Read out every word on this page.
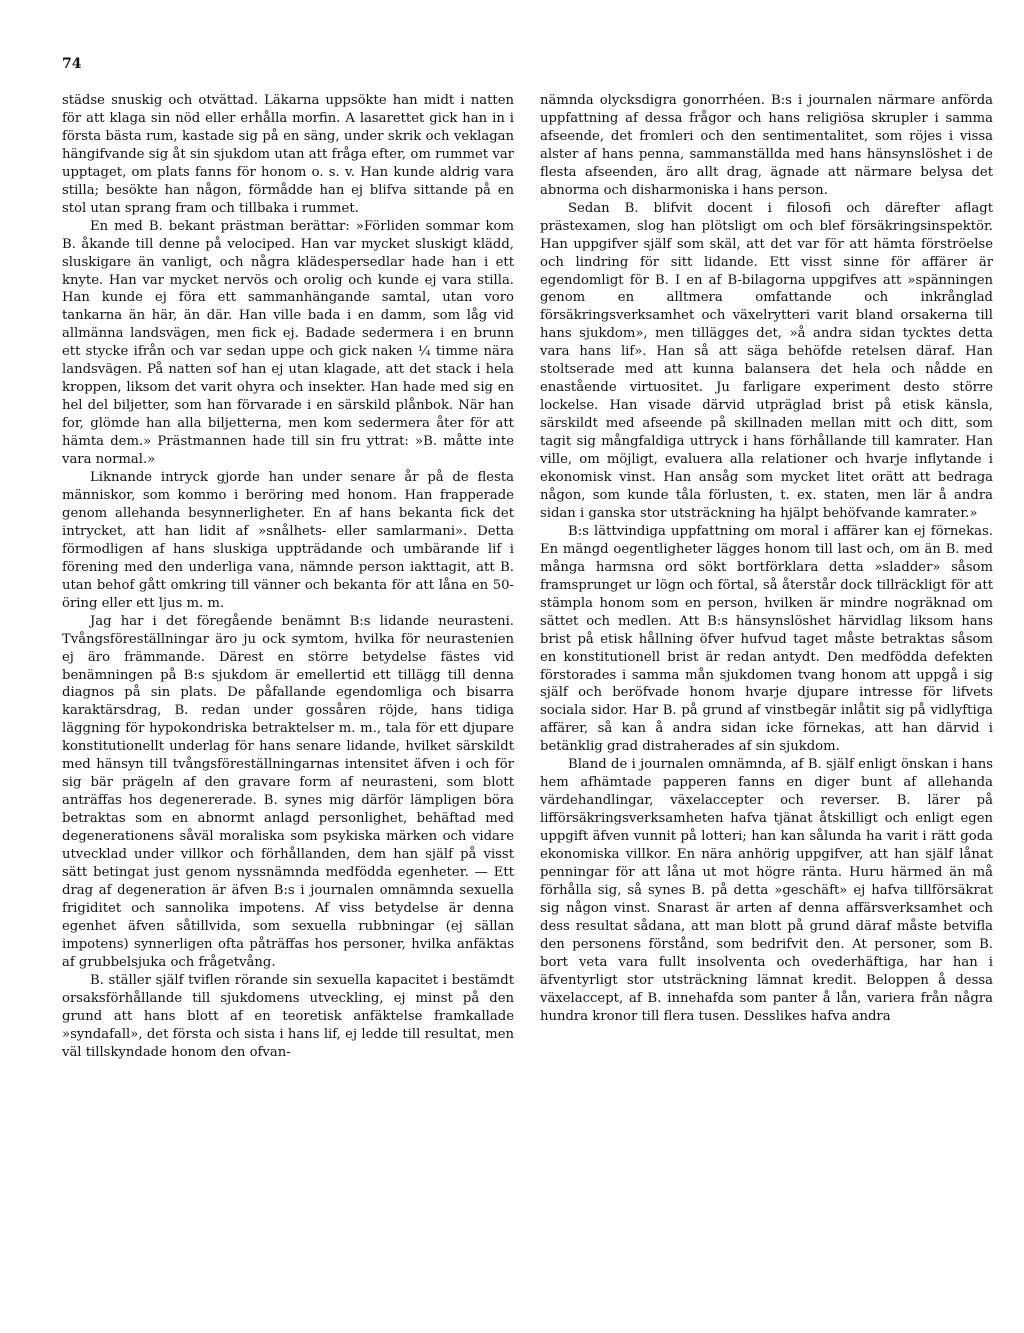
74

städse snuskig och otvättad. Läkarna uppsökte han midt i natten för att klaga sin nöd eller erhålla morfin. A lasarettet gick han in i första bästa rum, kastade sig på en säng, under skrik och veklagan hängifvande sig åt sin sjukdom utan att fråga efter, om rummet var upptaget, om plats fanns för honom o. s. v. Han kunde aldrig vara stilla; besökte han någon, förmådde han ej blifva sittande på en stol utan sprang fram och tillbaka i rummet.

En med B. bekant prästman berättar: »Förliden sommar kom B. åkande till denne på velociped. Han var mycket sluskigt klädd, sluskigare än vanligt, och några klädespersedlar hade han i ett knyte. Han var mycket nervös och orolig och kunde ej vara stilla. Han kunde ej föra ett sammanhängande samtal, utan voro tankarna än här, än där. Han ville bada i en damm, som låg vid allmänna landsvägen, men fick ej. Badade sedermera i en brunn ett stycke ifrån och var sedan uppe och gick naken ¼ timme nära landsvägen. På natten sof han ej utan klagade, att det stack i hela kroppen, liksom det varit ohyra och insekter. Han hade med sig en hel del biljetter, som han förvarade i en särskild plånbok. När han for, glömde han alla biljetterna, men kom sedermera åter för att hämta dem.» Prästmannen hade till sin fru yttrat: »B. måtte inte vara normal.»

Liknande intryck gjorde han under senare år på de flesta människor, som kommo i beröring med honom. Han frapperade genom allehanda besynnerligheter. En af hans bekanta fick det intrycket, att han lidit af »snålhets- eller samlarmani». Detta förmodligen af hans sluskiga uppträdande och umbärande lif i förening med den underliga vana, nämnde person iakttagit, att B. utan behof gått omkring till vänner och bekanta för att låna en 50-öring eller ett ljus m. m.

Jag har i det föregående benämnt B:s lidande neurasteni. Tvångsföreställningar äro ju ock symtom, hvilka för neurastenien ej äro främmande. Därest en större betydelse fästes vid benämningen på B:s sjukdom är emellertid ett tillägg till denna diagnos på sin plats. De påfallande egendomliga och bisarra karaktärsdrag, B. redan under gossåren röjde, hans tidiga läggning för hypokondriska betraktelser m. m., tala för ett djupare konstitutionellt underlag för hans senare lidande, hvilket särskildt med hänsyn till tvångsföreställningarnas intensitet äfven i och för sig bär prägeln af den gravare form af neurasteni, som blott anträffas hos degenererade. B. synes mig därför lämpligen böra betraktas som en abnormt anlagd personlighet, behäftad med degenerationens såväl moraliska som psykiska märken och vidare utvecklad under villkor och förhållanden, dem han själf på visst sätt betingat just genom nyssnämnda medfödda egenheter. — Ett drag af degeneration är äfven B:s i journalen omnämnda sexuella frigiditet och sannolika impotens. Af viss betydelse är denna egenhet äfven såtillvida, som sexuella rubbningar (ej sällan impotens) synnerligen ofta påträffas hos personer, hvilka anfäktas af grubbelsjuka och frågetvång.

B. ställer själf tviflen rörande sin sexuella kapacitet i bestämdt orsaksförhållande till sjukdomens utveckling, ej minst på den grund att hans blott af en teoretisk anfäktelse framkallade »syndafall», det första och sista i hans lif, ej ledde till resultat, men väl tillskyndade honom den ofvan-

nämnda olycksdigra gonorrhéen. B:s i journalen närmare anförda uppfattning af dessa frågor och hans religiösa skrupler i samma afseende, det fromleri och den sentimentalitet, som röjes i vissa alster af hans penna, sammanställda med hans hänsynslöshet i de flesta afseenden, äro allt drag, ägnade att närmare belysa det abnorma och disharmoniska i hans person.

Sedan B. blifvit docent i filosofi och därefter aflagt prästexamen, slog han plötsligt om och blef försäkringsinspektör. Han uppgifver själf som skäl, att det var för att hämta förströelse och lindring för sitt lidande. Ett visst sinne för affärer är egendomligt för B. I en af B-bilagorna uppgifves att »spänningen genom en alltmera omfattande och inkrånglad försäkringsverksamhet och växelrytteri varit bland orsakerna till hans sjukdom», men tillägges det, »å andra sidan tycktes detta vara hans lif». Han så att säga behöfde retelsen däraf. Han stoltserade med att kunna balansera det hela och nådde en enastående virtuositet. Ju farligare experiment desto större lockelse. Han visade därvid utpräglad brist på etisk känsla, särskildt med afseende på skillnaden mellan mitt och ditt, som tagit sig mångfaldiga uttryck i hans förhållande till kamrater. Han ville, om möjligt, evaluera alla relationer och hvarje inflytande i ekonomisk vinst. Han ansåg som mycket litet orätt att bedraga någon, som kunde tåla förlusten, t. ex. staten, men lär å andra sidan i ganska stor utsträckning ha hjälpt behöfvande kamrater.»

B:s lättvindiga uppfattning om moral i affärer kan ej förnekas. En mängd oegentligheter lägges honom till last och, om än B. med många harmsna ord sökt bortförklara detta »sladder» såsom framsprunget ur lögn och förtal, så återstår dock tillräckligt för att stämpla honom som en person, hvilken är mindre nogräknad om sättet och medlen. Att B:s hänsynslöshet härvidlag liksom hans brist på etisk hållning öfver hufvud taget måste betraktas såsom en konstitutionell brist är redan antydt. Den medfödda defekten förstorades i samma mån sjukdomen tvang honom att uppgå i sig själf och beröfvade honom hvarje djupare intresse för lifvets sociala sidor. Har B. på grund af vinstbegär inlåtit sig på vidlyftiga affärer, så kan å andra sidan icke förnekas, att han därvid i betänklig grad distraherades af sin sjukdom.

Bland de i journalen omnämnda, af B. själf enligt önskan i hans hem afhämtade papperen fanns en diger bunt af allehanda värdehandlingar, växelaccepter och reverser. B. lärer på lifförsäkringsverksamheten hafva tjänat åtskilligt och enligt egen uppgift äfven vunnit på lotteri; han kan sålunda ha varit i rätt goda ekonomiska villkor. En nära anhörig uppgifver, att han själf lånat penningar för att låna ut mot högre ränta. Huru härmed än må förhålla sig, så synes B. på detta »geschäft» ej hafva tillförsäkrat sig någon vinst. Snarast är arten af denna affärsverksamhet och dess resultat sådana, att man blott på grund däraf måste betvifla den personens förstånd, som bedrifvit den. At personer, som B. bort veta vara fullt insolventa och ovederhäftiga, har han i äfventyrligt stor utsträckning lämnat kredit. Beloppen å dessa växelaccept, af B. innehafda som panter å lån, variera från några hundra kronor till flera tusen. Desslikes hafva andra
